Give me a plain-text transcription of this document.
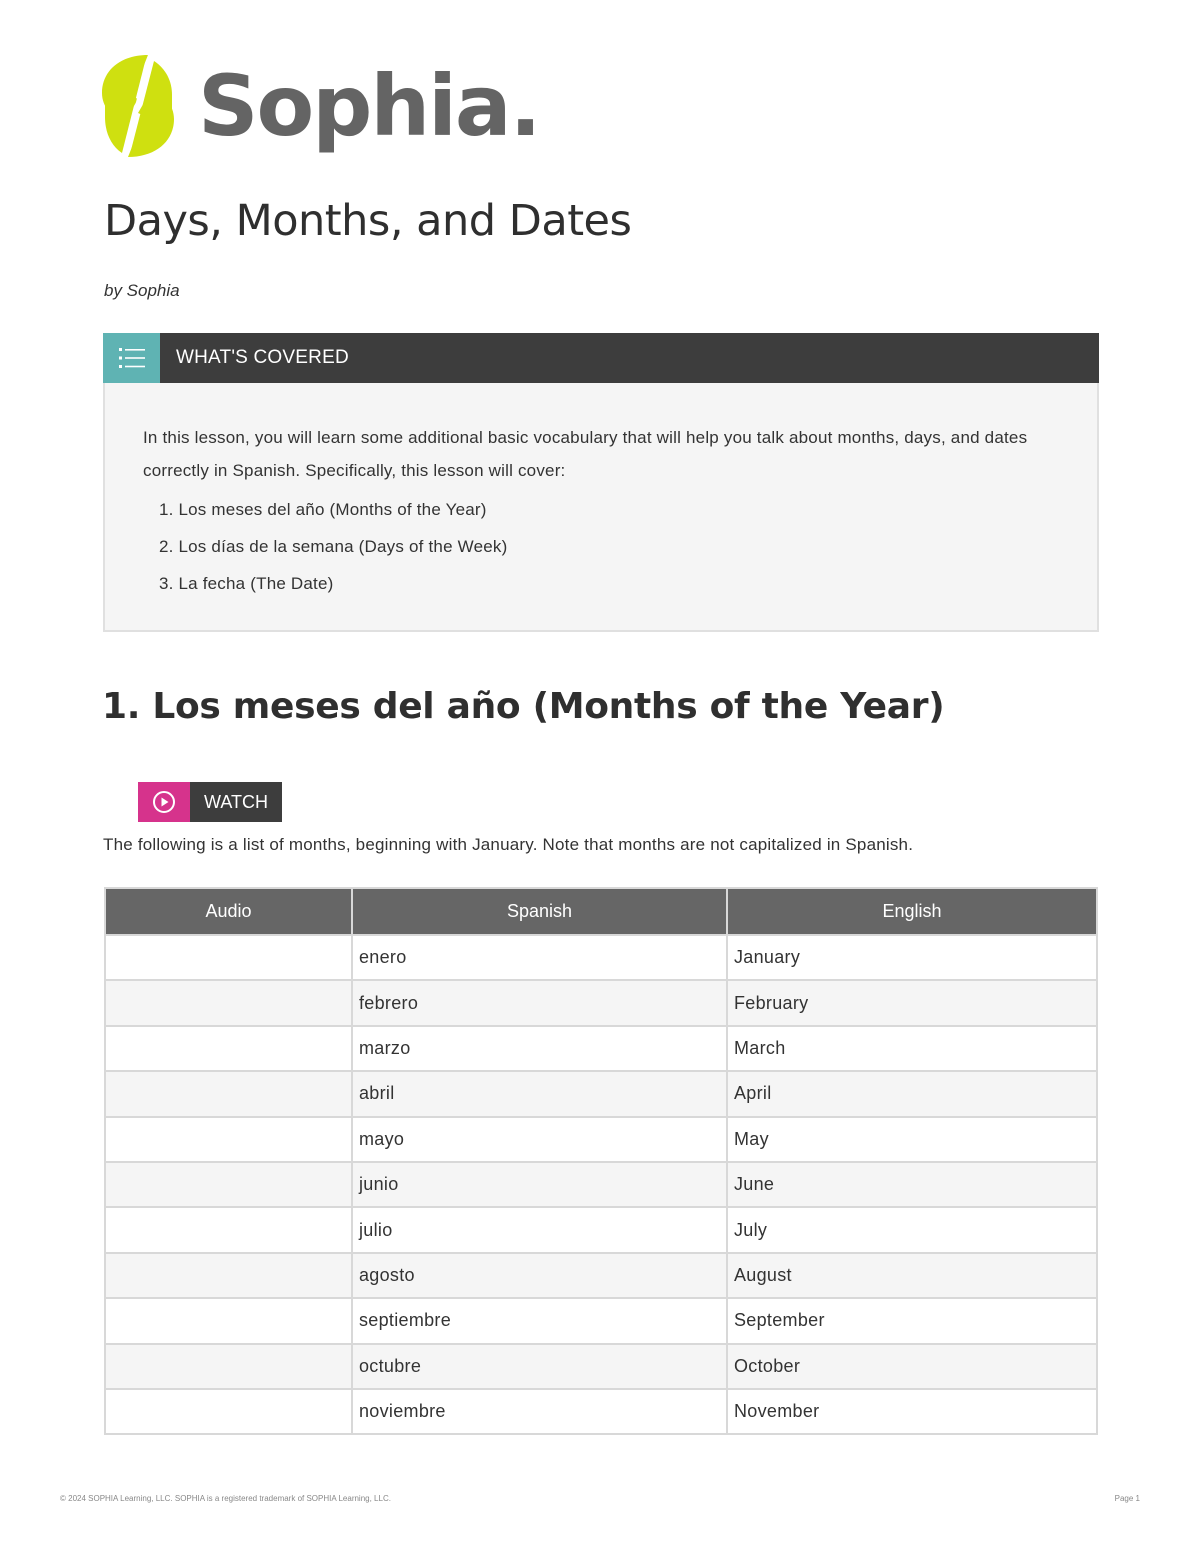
Sophia.
Days, Months, and Dates
by Sophia
WHAT'S COVERED

In this lesson, you will learn some additional basic vocabulary that will help you talk about months, days, and dates correctly in Spanish. Specifically, this lesson will cover:

1. Los meses del año (Months of the Year)
2. Los días de la semana (Days of the Week)
3. La fecha (The Date)
1. Los meses del año (Months of the Year)
WATCH

The following is a list of months, beginning with January. Note that months are not capitalized in Spanish.

Audio	Spanish	English
	enero	January
	febrero	February
	marzo	March
	abril	April
	mayo	May
	junio	June
	julio	July
	agosto	August
	septiembre	September
	octubre	October
	noviembre	November
© 2024 SOPHIA Learning, LLC. SOPHIA is a registered trademark of SOPHIA Learning, LLC.	Page 1
